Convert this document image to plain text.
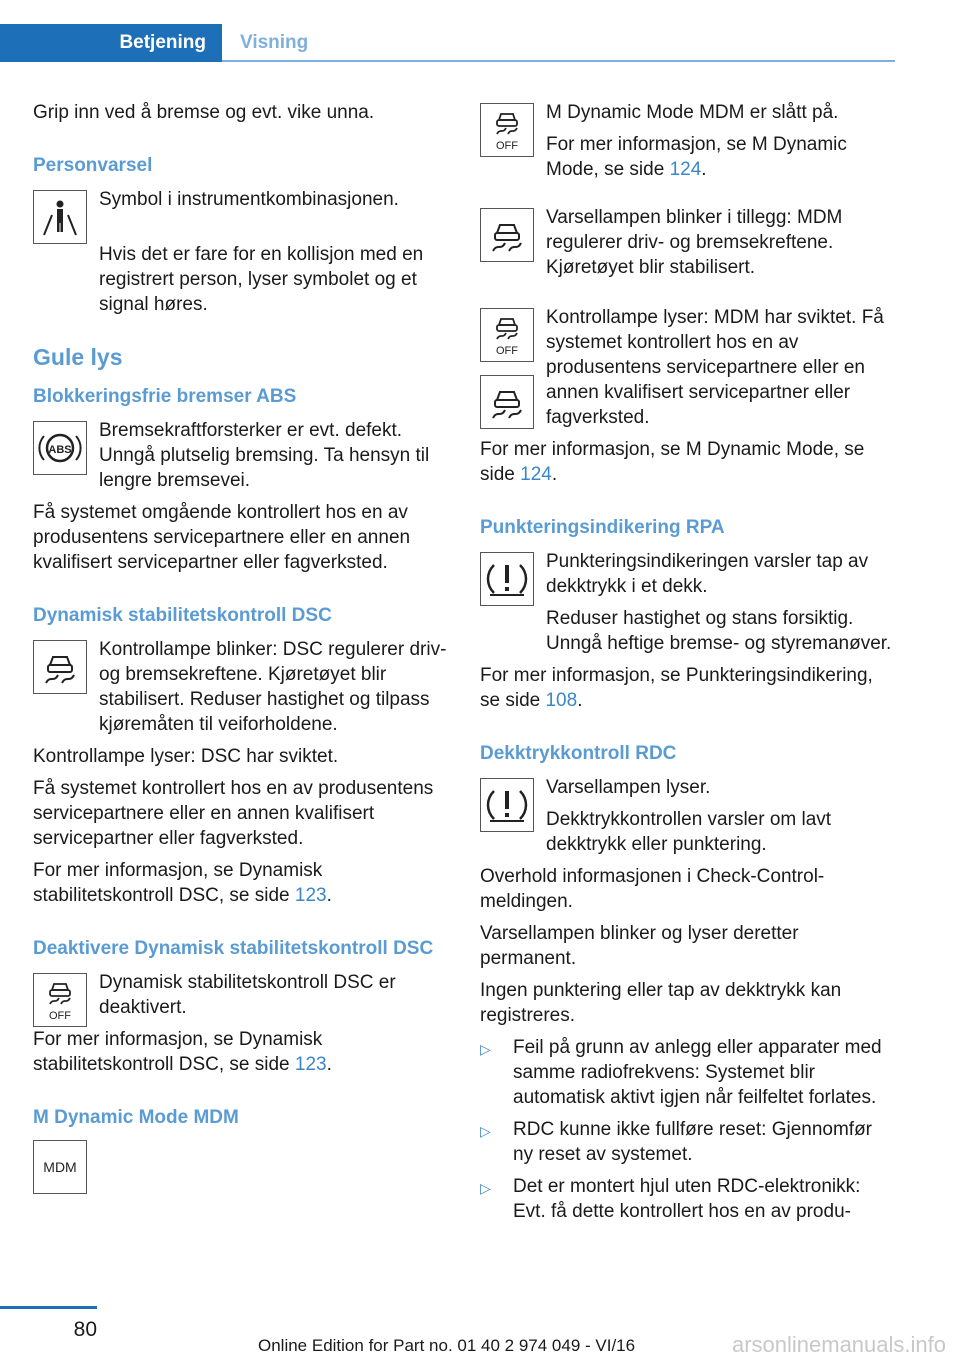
Betjening	Visning

Grip inn ved å bremse og evt. vike unna.

Personvarsel

Symbol i instrumentkombinasjonen.

Hvis det er fare for en kollisjon med en registrert person, lyser symbolet og et signal høres.

Gule lys
Blokkeringsfrie bremser ABS
ABS

Bremsekraftforsterker er evt. defekt. Unngå plutselig bremsing. Ta hensyn til lengre bremsevei.

Få systemet omgående kontrollert hos en av produsentens servicepartnere eller en annen kvalifisert servicepartner eller fagverksted.

Dynamisk stabilitetskontroll DSC

Kontrollampe blinker: DSC regulerer driv- og bremsekreftene. Kjøretøyet blir stabilisert. Reduser hastighet og tilpass kjøremåten til veiforholdene.

Kontrollampe lyser: DSC har sviktet.

Få systemet kontrollert hos en av produsentens servicepartnere eller en annen kvalifisert servicepartner eller fagverksted.

For mer informasjon, se Dynamisk stabilitetskontroll DSC, se side 123.

Deaktivere Dynamisk stabilitetskontroll DSC
OFF

Dynamisk stabilitetskontroll DSC er deaktivert.

For mer informasjon, se Dynamisk stabilitetskontroll DSC, se side 123.

M Dynamic Mode MDM
MDM
OFF

M Dynamic Mode MDM er slått på.

For mer informasjon, se M Dynamic Mode, se side 124.

Varsellampen blinker i tillegg: MDM regulerer driv- og bremsekreftene. Kjøretøyet blir stabilisert.

OFF

Kontrollampe lyser: MDM har sviktet. Få systemet kontrollert hos en av produsentens servicepartnere eller en annen kvalifisert servicepartner eller fagverksted.

For mer informasjon, se M Dynamic Mode, se side 124.

Punkteringsindikering RPA

Punkteringsindikeringen varsler tap av dekktrykk i et dekk.

Reduser hastighet og stans forsiktig. Unngå heftige bremse- og styremanøver.

For mer informasjon, se Punkteringsindikering, se side 108.

Dekktrykkontroll RDC

Varsellampen lyser.

Dekktrykkontrollen varsler om lavt dekktrykk eller punktering.

Overhold informasjonen i Check-Control-meldingen.

Varsellampen blinker og lyser deretter permanent.

Ingen punktering eller tap av dekktrykk kan registreres.

▷	Feil på grunn av anlegg eller apparater med samme radiofrekvens: Systemet blir automatisk aktivt igjen når feilfeltet forlates.
▷	RDC kunne ikke fullføre reset: Gjennomfør ny reset av systemet.
▷	Det er montert hjul uten RDC-elektronikk: Evt. få dette kontrollert hos en av produ-
80
Online Edition for Part no. 01 40 2 974 049 - VI/16	arsonlinemanuals.info
